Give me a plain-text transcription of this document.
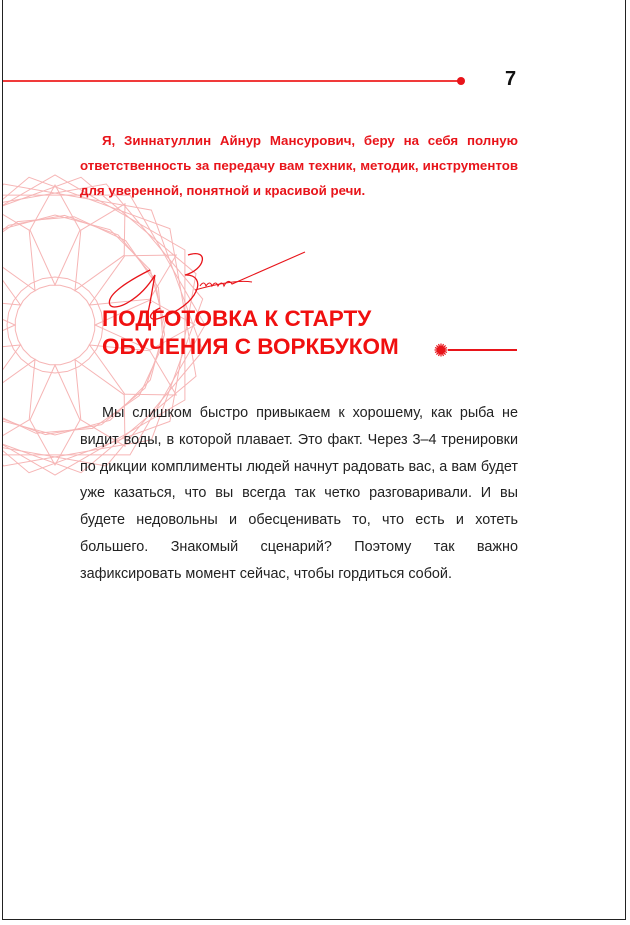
7

Я, Зиннатуллин Айнур Мансурович, беру на себя полную ответственность за передачу вам техник, методик, инструmентов для уверенной, понятной и красивой речи.

ПОДГОТОВКА К СТАРТУ
ОБУЧЕНИЯ С ВОРКБУКОМ

Мы слишком быстро привыкаем к хорошему, как рыба не видит воды, в которой плавает. Это факт. Через 3–4 тренировки по дикции комплименты людей начнут радовать вас, а вам будет уже казаться, что вы всегда так четко разговаривали. И вы будете недовольны и обесценивать то, что есть и хотеть большего. Знакомый сценарий? Поэтому так важно зафиксировать момент сейчас, чтобы гордиться собой.
